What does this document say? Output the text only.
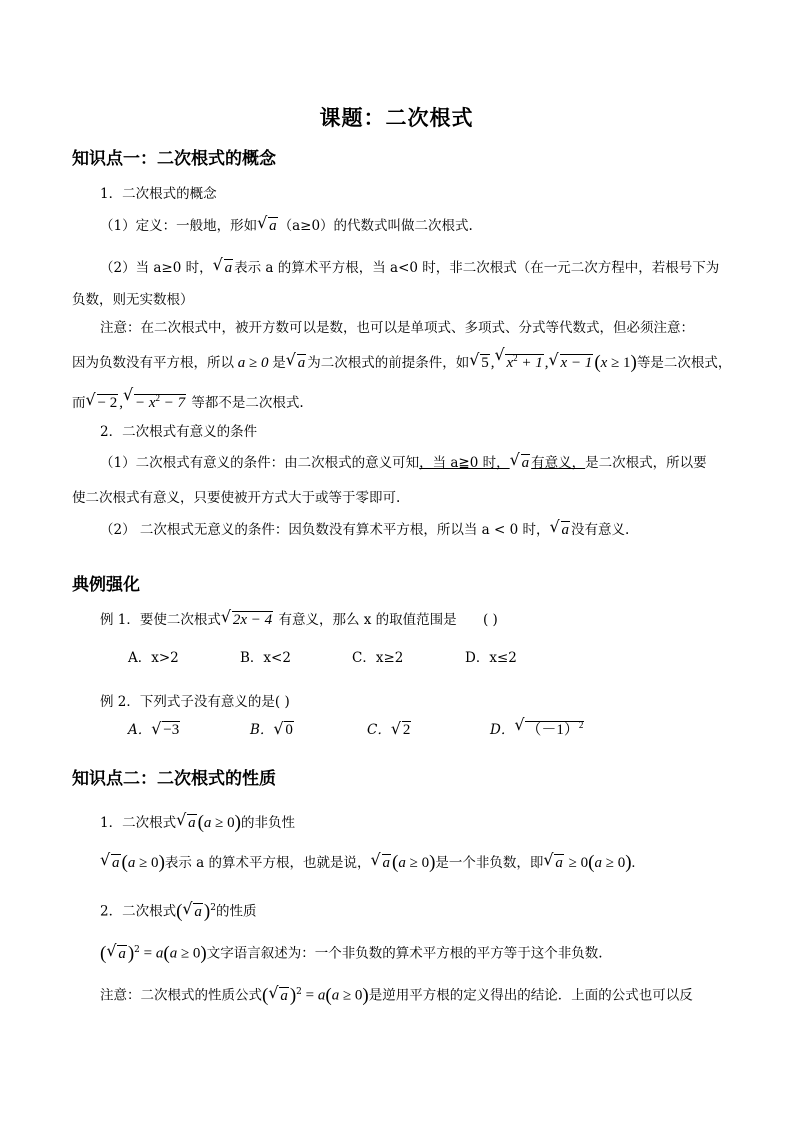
课题：二次根式
知识点一：二次根式的概念
1．二次根式的概念
（1）定义：一般地，形如 √ a （a≥0）的代数式叫做二次根式.
（2）当 a≥0 时， √ a 表示 a 的算术平方根，当 a<0 时，非二次根式（在一元二次方程中，若根号下为
负数，则无实数根）
注意：在二次根式中，被开方数可以是数，也可以是单项式、多项式、分式等代数式，但必须注意：
因为负数没有平方根，所以 a ≥ 0 是 √ a 为二次根式的前提条件，如 √ 5 , √ $x^2 + 1$ , √ x − 1 (x ≥ 1)等是二次根式，
而 √ − 2 , √ − $x^2 - 7$ 等都不是二次根式.
2．二次根式有意义的条件
（1）二次根式有意义的条件：由二次根式的意义可知，当 a≧0 时， √ a 有意义，是二次根式，所以要
使二次根式有意义，只要使被开方式大于或等于零即可.
（2） 二次根式无意义的条件：因负数没有算术平方根，所以当 a < 0 时， √ a 没有意义.
典例强化
例 1．要使二次根式 √ 2x − 4 有意义，那么 x 的取值范围是 ( )
A．x>2	B．x<2	C．x≥2	D．x≤2
例 2．下列式子没有意义的是( )
A． √ −3	B． √ 0	C． √ 2	D． √ $(-1)^2$
知识点二：二次根式的性质
1．二次根式 √ a (a ≥ 0)的非负性
√ a (a ≥ 0)表示 a 的算术平方根，也就是说， √ a (a ≥ 0)是一个非负数，即 √ a ≥ 0(a ≥ 0).
2．二次根式( √ a )$^2$的性质
( √ a )$^2$ = a(a ≥ 0)文字语言叙述为：一个非负数的算术平方根的平方等于这个非负数.
注意：二次根式的性质公式( √ a )$^2$ = a(a ≥ 0)是逆用平方根的定义得出的结论．上面的公式也可以反
